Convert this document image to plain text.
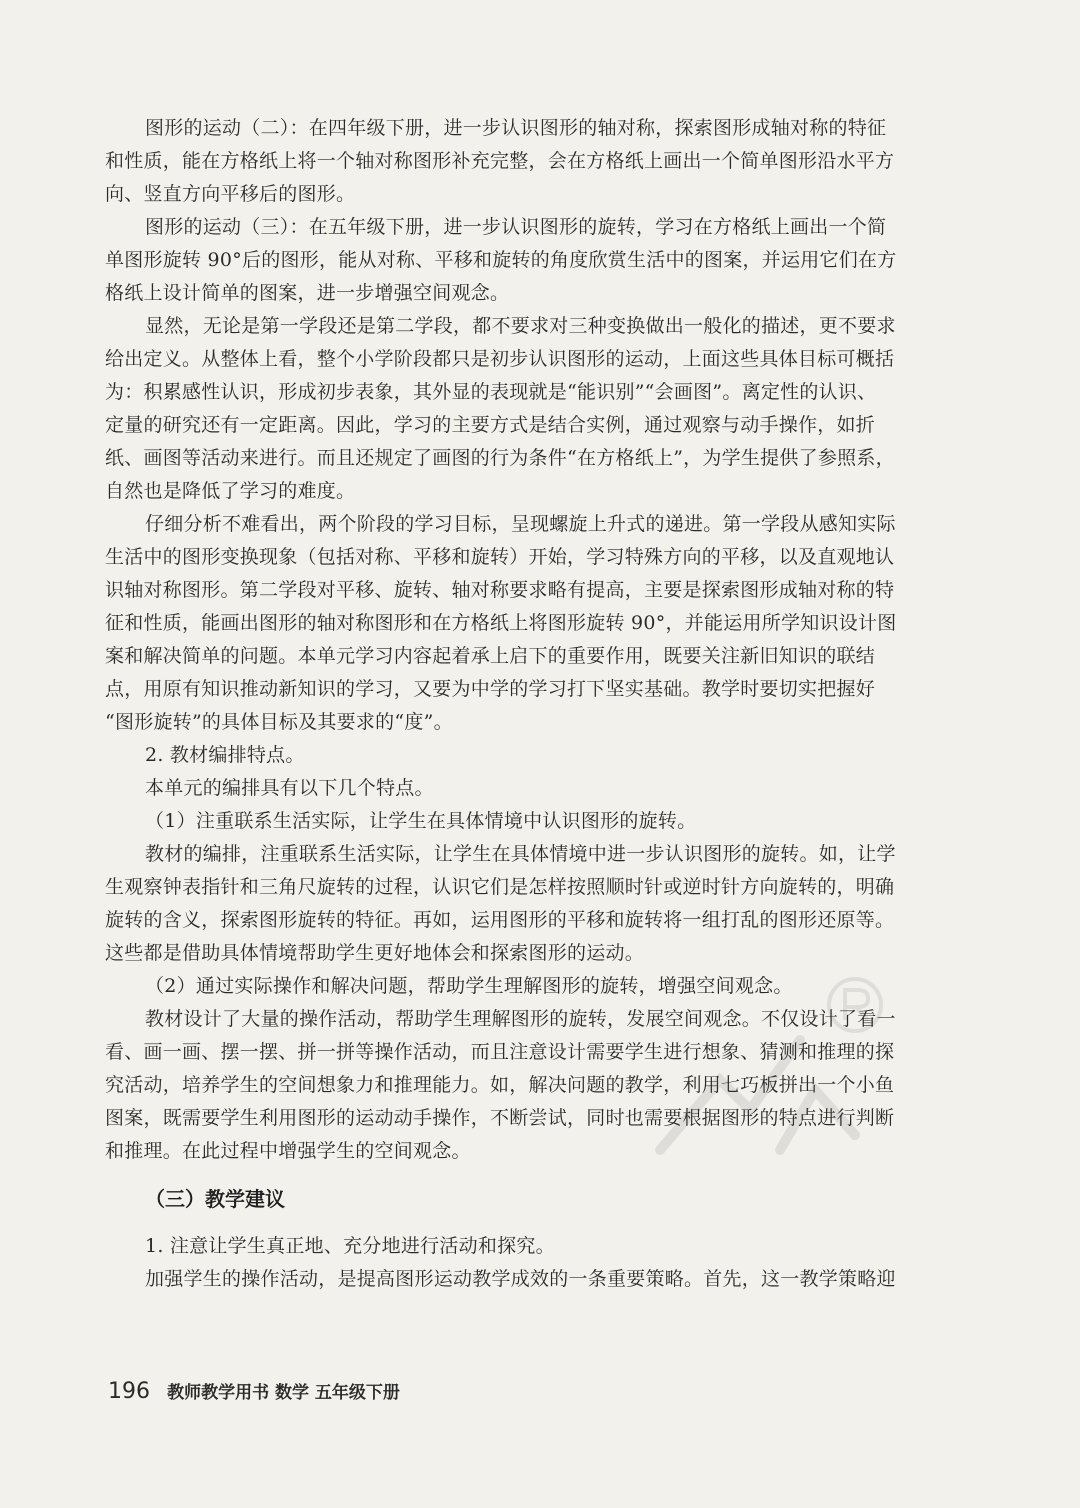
图形的运动（二）：在四年级下册，进一步认识图形的轴对称，探索图形成轴对称的特征
和性质，能在方格纸上将一个轴对称图形补充完整，会在方格纸上画出一个简单图形沿水平方
向、竖直方向平移后的图形。
图形的运动（三）：在五年级下册，进一步认识图形的旋转，学习在方格纸上画出一个简
单图形旋转 90°后的图形，能从对称、平移和旋转的角度欣赏生活中的图案，并运用它们在方
格纸上设计简单的图案，进一步增强空间观念。
显然，无论是第一学段还是第二学段，都不要求对三种变换做出一般化的描述，更不要求
给出定义。从整体上看，整个小学阶段都只是初步认识图形的运动，上面这些具体目标可概括
为：积累感性认识，形成初步表象，其外显的表现就是“能识别”“会画图”。离定性的认识、
定量的研究还有一定距离。因此，学习的主要方式是结合实例，通过观察与动手操作，如折
纸、画图等活动来进行。而且还规定了画图的行为条件“在方格纸上”，为学生提供了参照系，
自然也是降低了学习的难度。
仔细分析不难看出，两个阶段的学习目标，呈现螺旋上升式的递进。第一学段从感知实际
生活中的图形变换现象（包括对称、平移和旋转）开始，学习特殊方向的平移，以及直观地认
识轴对称图形。第二学段对平移、旋转、轴对称要求略有提高，主要是探索图形成轴对称的特
征和性质，能画出图形的轴对称图形和在方格纸上将图形旋转 90°，并能运用所学知识设计图
案和解决简单的问题。本单元学习内容起着承上启下的重要作用，既要关注新旧知识的联结
点，用原有知识推动新知识的学习，又要为中学的学习打下坚实基础。教学时要切实把握好
“图形旋转”的具体目标及其要求的“度”。
2. 教材编排特点。
本单元的编排具有以下几个特点。
（1）注重联系生活实际，让学生在具体情境中认识图形的旋转。
教材的编排，注重联系生活实际，让学生在具体情境中进一步认识图形的旋转。如，让学
生观察钟表指针和三角尺旋转的过程，认识它们是怎样按照顺时针或逆时针方向旋转的，明确
旋转的含义，探索图形旋转的特征。再如，运用图形的平移和旋转将一组打乱的图形还原等。
这些都是借助具体情境帮助学生更好地体会和探索图形的运动。
（2）通过实际操作和解决问题，帮助学生理解图形的旋转，增强空间观念。
教材设计了大量的操作活动，帮助学生理解图形的旋转，发展空间观念。不仅设计了看一
看、画一画、摆一摆、拼一拼等操作活动，而且注意设计需要学生进行想象、猜测和推理的探
究活动，培养学生的空间想象力和推理能力。如，解决问题的教学，利用七巧板拼出一个小鱼
图案，既需要学生利用图形的运动动手操作，不断尝试，同时也需要根据图形的特点进行判断
和推理。在此过程中增强学生的空间观念。
（三）教学建议
1. 注意让学生真正地、充分地进行活动和探究。
加强学生的操作活动，是提高图形运动教学成效的一条重要策略。首先，这一教学策略迎
196 教师教学用书 数学 五年级下册
